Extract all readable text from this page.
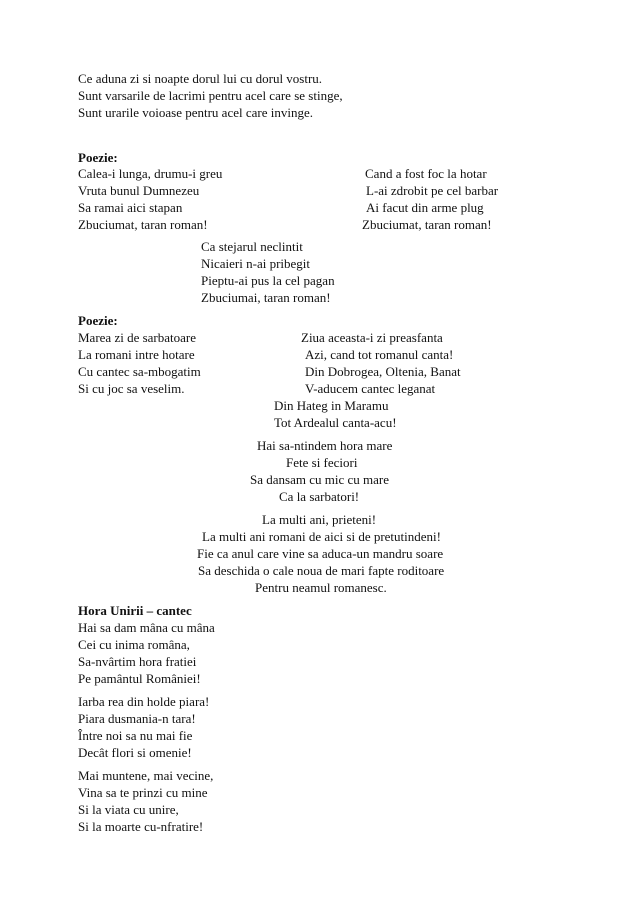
Ce aduna zi si noapte dorul lui cu dorul vostru.
Sunt varsarile de lacrimi pentru acel care se stinge,
Sunt urarile voioase pentru acel care invinge.
Poezie:
Calea-i lunga, drumu-i greu
Vruta bunul Dumnezeu
Sa ramai aici stapan
Zbuciumat, taran roman!
Cand a fost foc la hotar
L-ai zdrobit pe cel barbar
Ai facut din arme plug
Zbuciumat, taran roman!
Ca stejarul neclintit
Nicaieri n-ai pribegit
Pieptu-ai pus la cel pagan
Zbuciumai, taran roman!
Poezie:
Marea zi de sarbatoare
La romani intre hotare
Cu cantec sa-mbogatim
Si cu joc sa veselim.
Ziua aceasta-i zi preasfanta
Azi, cand tot romanul canta!
Din Dobrogea, Oltenia, Banat
V-aducem cantec leganat
Din Hateg in Maramu
Tot Ardealul canta-acu!
Hai sa-ntindem hora mare
Fete si feciori
Sa dansam cu mic cu mare
Ca la sarbatori!
La multi ani, prieteni!
La multi ani romani de aici si de pretutindeni!
Fie ca anul care vine sa aduca-un mandru soare
Sa deschida o cale noua de mari fapte roditoare
Pentru neamul romanesc.
Hora Unirii – cantec
Hai sa dam mâna cu mâna
Cei cu inima româna,
Sa-nvârtim hora fratiei
Pe pamântul României!
Iarba rea din holde piara!
Piara dusmania-n tara!
Între noi sa nu mai fie
Decât flori si omenie!
Mai muntene, mai vecine,
Vina sa te prinzi cu mine
Si la viata cu unire,
Si la moarte cu-nfratire!
